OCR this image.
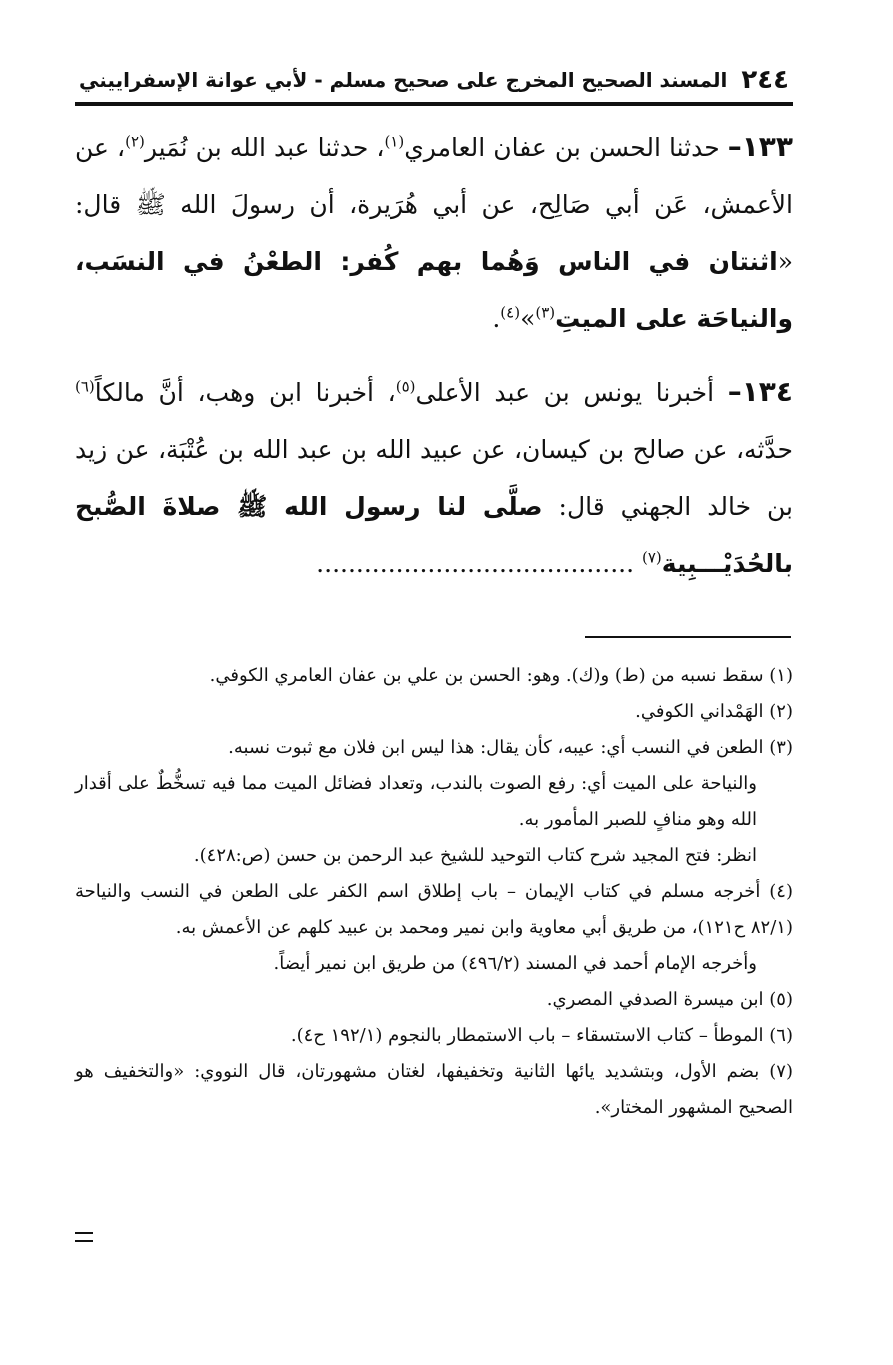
٢٤٤
المسند الصحيح المخرج على صحيح مسلم - لأبي عوانة الإسفراييني

١٣٣– حدثنا الحسن بن عفان العامري$^{(١)}$، حدثنا عبد الله بن نُمَير$^{(٢)}$، عن الأعمش، عَن أبي صَالِح، عن أبي هُرَيرة، أن رسولَ الله ﷺ قال: «اثنتان في الناس وَهُما بهم كُفر: الطعْنُ في النسَب، والنياحَة على الميتِ$^{(٣)}$»$^{(٤)}$.

١٣٤– أخبرنا يونس بن عبد الأعلى$^{(٥)}$، أخبرنا ابن وهب، أنَّ مالكاً$^{(٦)}$ حدَّثه، عن صالح بن كيسان، عن عبيد الله بن عبد الله بن عُتْبَة، عن زيد بن خالد الجهني قال: صلَّى لنا رسول الله ﷺ صلاةَ الصُّبح بالحُدَيْـــبِية$^{(٧)}$ ........................................

(١) سقط نسبه من (ط) و(ك). وهو: الحسن بن علي بن عفان العامري الكوفي.

(٢) الهَمْداني الكوفي.

(٣) الطعن في النسب أي: عيبه، كأن يقال: هذا ليس ابن فلان مع ثبوت نسبه.

والنياحة على الميت أي: رفع الصوت بالندب، وتعداد فضائل الميت مما فيه تسخُّطٌ على أقدار الله وهو منافٍ للصبر المأمور به.

انظر: فتح المجيد شرح كتاب التوحيد للشيخ عبد الرحمن بن حسن (ص:٤٢٨).

(٤) أخرجه مسلم في كتاب الإيمان – باب إطلاق اسم الكفر على الطعن في النسب والنياحة (٨٢/١ ح١٢١)، من طريق أبي معاوية وابن نمير ومحمد بن عبيد كلهم عن الأعمش به.

وأخرجه الإمام أحمد في المسند (٤٩٦/٢) من طريق ابن نمير أيضاً.

(٥) ابن ميسرة الصدفي المصري.

(٦) الموطأ – كتاب الاستسقاء – باب الاستمطار بالنجوم (١٩٢/١ ح٤).

(٧) بضم الأول، وبتشديد يائها الثانية وتخفيفها، لغتان مشهورتان، قال النووي: «والتخفيف هو الصحيح المشهور المختار».
